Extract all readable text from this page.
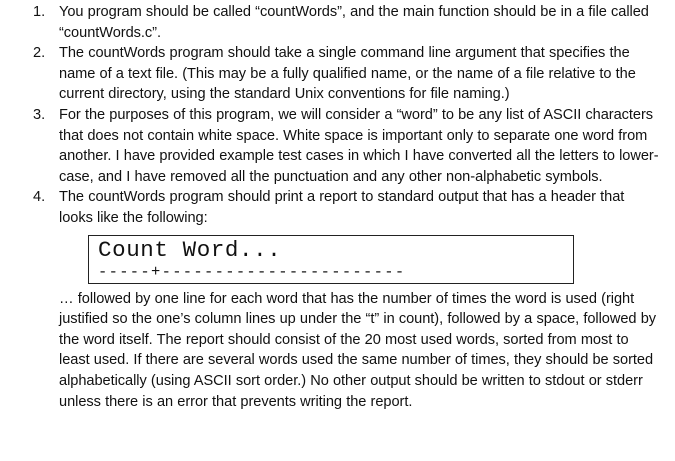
1. You program should be called “countWords”, and the main function should be in a file called “countWords.c”.
2. The countWords program should take a single command line argument that specifies the name of a text file. (This may be a fully qualified name, or the name of a file relative to the current directory, using the standard Unix conventions for file naming.)
3. For the purposes of this program, we will consider a “word” to be any list of ASCII characters that does not contain white space. White space is important only to separate one word from another. I have provided example test cases in which I have converted all the letters to lower-case, and I have removed all the punctuation and any other non-alphabetic symbols.
4. The countWords program should print a report to standard output that has a header that looks like the following:
Count Word...
-----+-----------------------
… followed by one line for each word that has the number of times the word is used (right justified so the one’s column lines up under the “t” in count), followed by a space, followed by the word itself. The report should consist of the 20 most used words, sorted from most to least used. If there are several words used the same number of times, they should be sorted alphabetically (using ASCII sort order.) No other output should be written to stdout or stderr unless there is an error that prevents writing the report.
